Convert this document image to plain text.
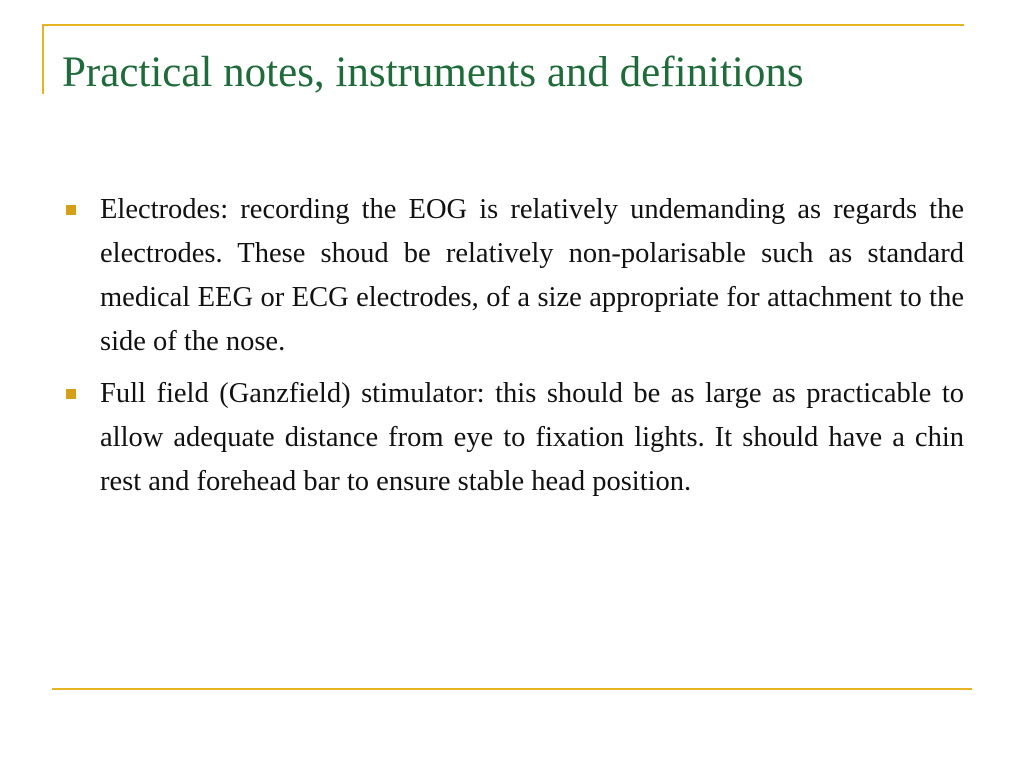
Practical notes, instruments and definitions
Electrodes: recording the EOG is relatively undemanding as regards the electrodes. These shoud be relatively non-polarisable such as standard medical EEG or ECG electrodes, of a size appropriate for attachment to the side of the nose.
Full field (Ganzfield) stimulator: this should be as large as practicable to allow adequate distance from eye to fixation lights. It should have a chin rest and forehead bar to ensure stable head position.
